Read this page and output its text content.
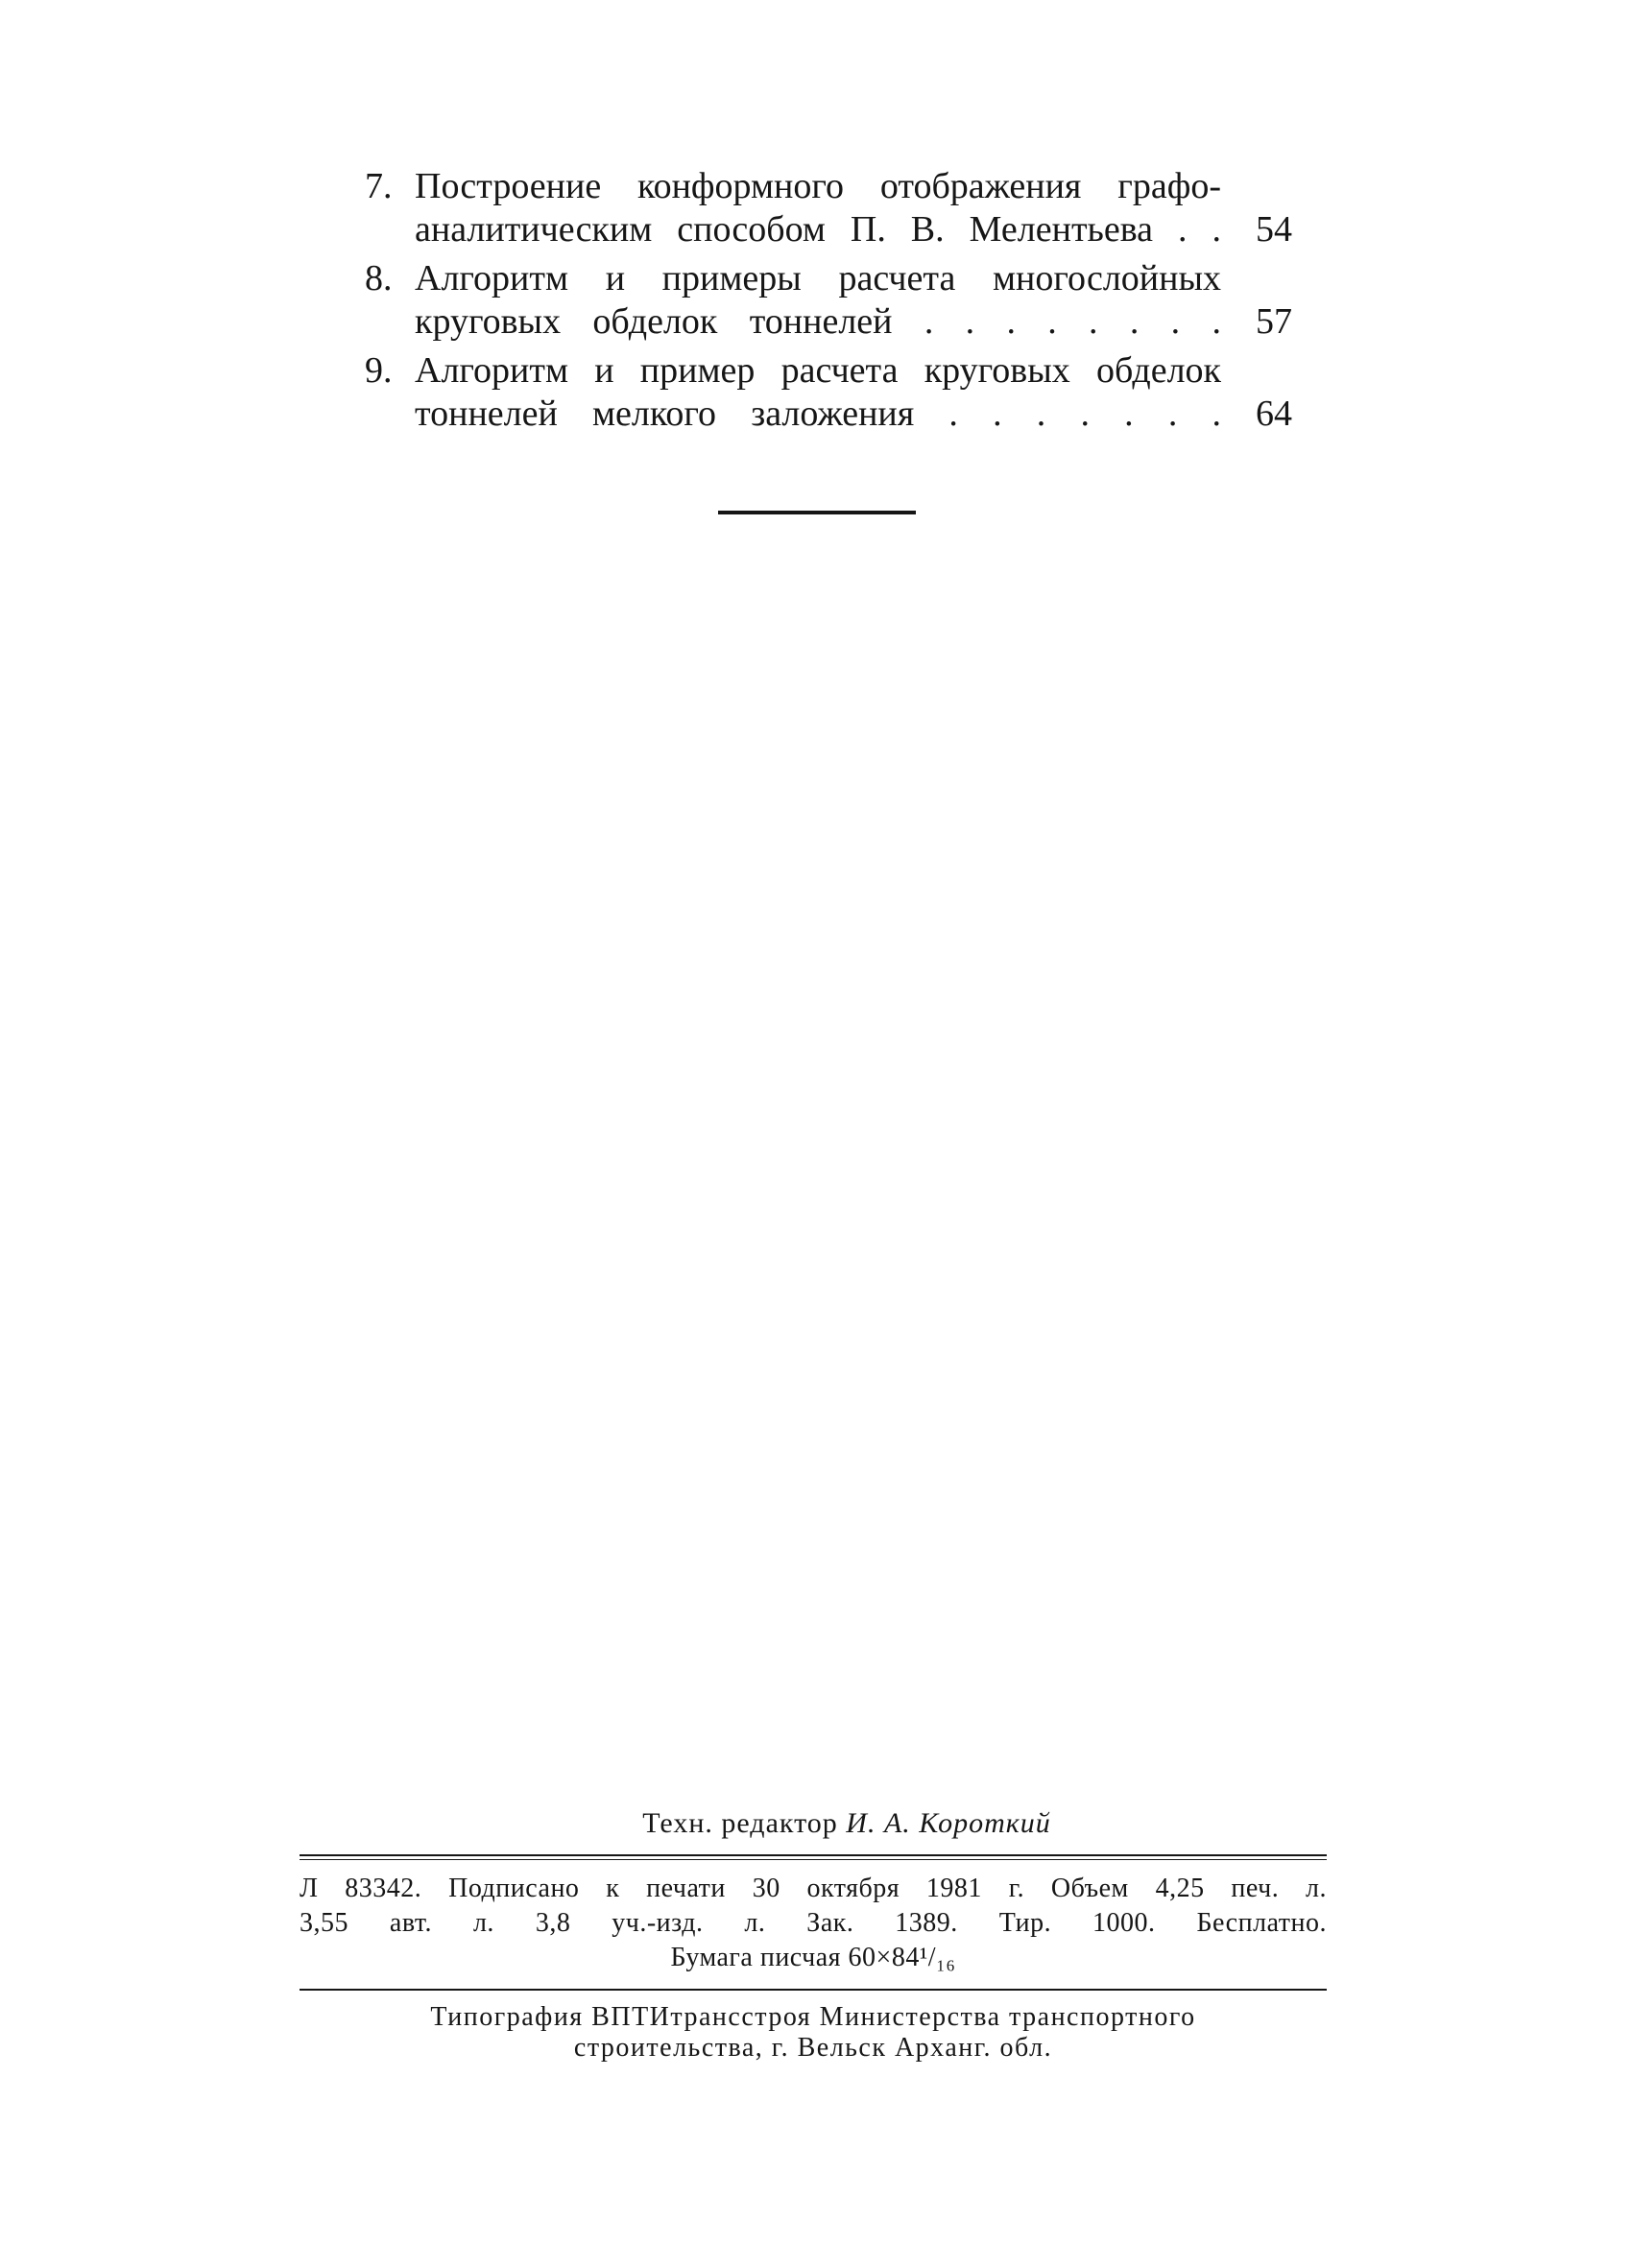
7. Построение конформного отображения графо-
аналитическим способом П. В. Мелентьева . . 54
8. Алгоритм и примеры расчета многослойных
круговых обделок тоннелей . . . . . . . . 57
9. Алгоритм и пример расчета круговых обделок
тоннелей мелкого заложения . . . . . . . 64
Техн. редактор И. А. Короткий
Л 83342. Подписано к печати 30 октября 1981 г. Объем 4,25 печ. л.
3,55 авт. л. 3,8 уч.-изд. л. Зак. 1389. Тир. 1000. Бесплатно.
Бумага писчая 60×84¹/₁₆
Типография ВПТИтрансстроя Министерства транспортного
строительства, г. Вельск Арханг. обл.
